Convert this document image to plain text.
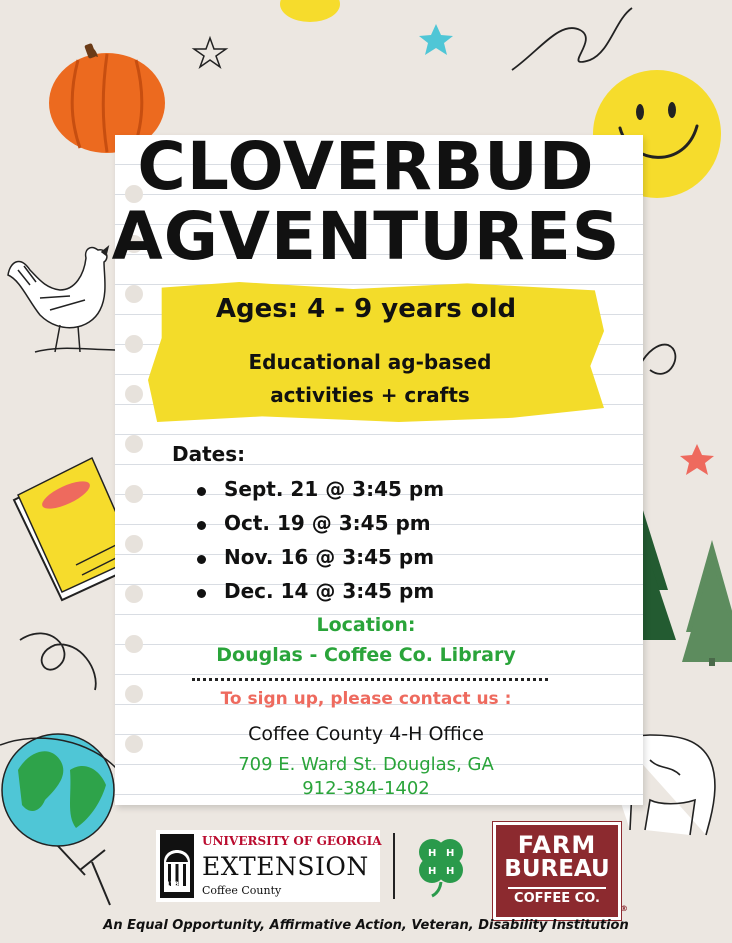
CLOVERBUD
AGVENTURES
Ages: 4 - 9 years old
Educational ag-based
activities + crafts
Dates:
Sept. 21 @ 3:45 pm
Oct. 19 @ 3:45 pm
Nov. 16 @ 3:45 pm
Dec. 14 @ 3:45 pm
Location:
Douglas - Coffee Co. Library
To sign up, please contact us :
Coffee County 4-H Office
709 E. Ward St. Douglas, GA
912-384-1402
1785
UNIVERSITY OF GEORGIA
EXTENSION
Coffee County
H H
H H
FARM
BUREAU
COFFEE CO.
®
An Equal Opportunity, Affirmative Action, Veteran, Disability Institution
